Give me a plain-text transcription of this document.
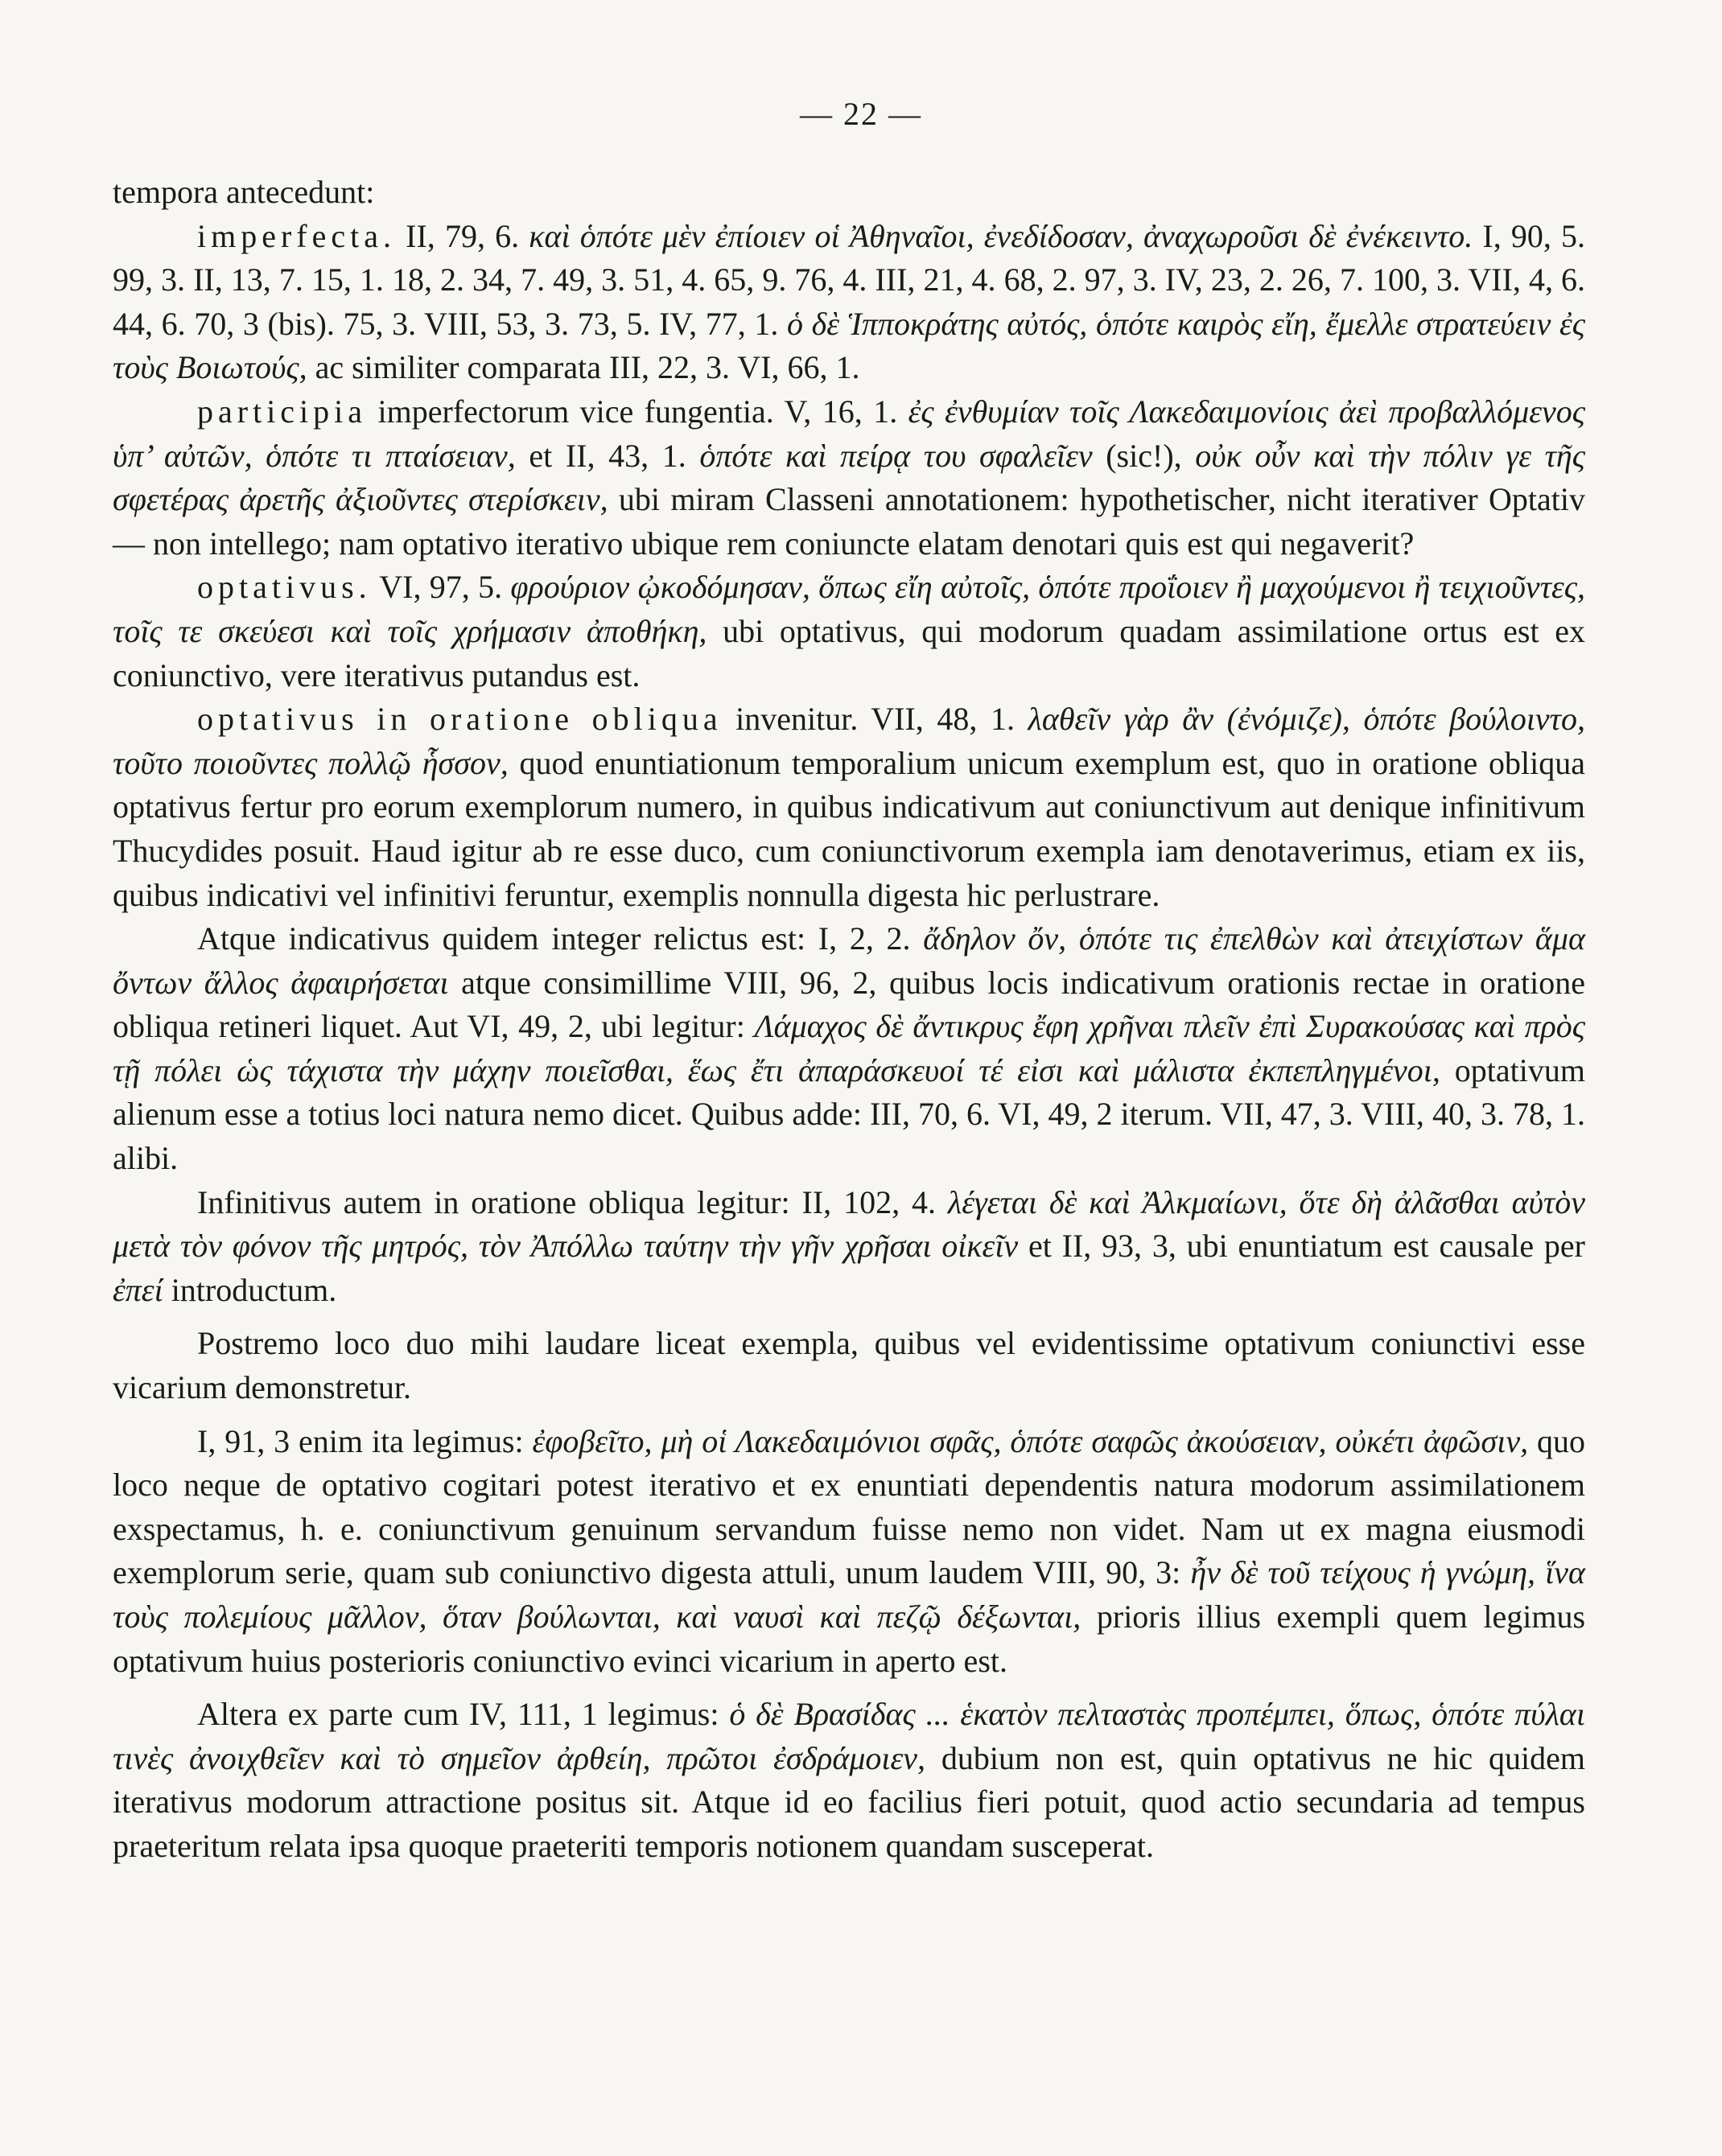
— 22 —

tempora antecedunt:

imperfecta. II, 79, 6. καὶ ὁπότε μὲν ἐπίοιεν οἱ Ἀθηναῖοι, ἐνεδίδοσαν, ἀναχωροῦσι δὲ ἐνέκειντο. I, 90, 5. 99, 3. II, 13, 7. 15, 1. 18, 2. 34, 7. 49, 3. 51, 4. 65, 9. 76, 4. III, 21, 4. 68, 2. 97, 3. IV, 23, 2. 26, 7. 100, 3. VII, 4, 6. 44, 6. 70, 3 (bis). 75, 3. VIII, 53, 3. 73, 5. IV, 77, 1. ὁ δὲ Ἱπποκράτης αὐτός, ὁπότε καιρὸς εἴη, ἔμελλε στρατεύειν ἐς τοὺς Βοιωτούς, ac similiter comparata III, 22, 3. VI, 66, 1.

participia imperfectorum vice fungentia. V, 16, 1. ἐς ἐνθυμίαν τοῖς Λακεδαιμονίοις ἀεὶ προβαλλόμενος ὑπ’ αὐτῶν, ὁπότε τι πταίσειαν, et II, 43, 1. ὁπότε καὶ πείρᾳ του σφαλεῖεν (sic!), οὐκ οὖν καὶ τὴν πόλιν γε τῆς σφετέρας ἀρετῆς ἀξιοῦντες στερίσκειν, ubi miram Classeni annotationem: hypothetischer, nicht iterativer Optativ — non intellego; nam optativo iterativo ubique rem coniuncte elatam denotari quis est qui negaverit?

optativus. VI, 97, 5. φρούριον ᾠκοδόμησαν, ὅπως εἴη αὐτοῖς, ὁπότε προΐοιεν ἢ μαχούμενοι ἢ τειχιοῦντες, τοῖς τε σκεύεσι καὶ τοῖς χρήμασιν ἀποθήκη, ubi optativus, qui modorum quadam assimilatione ortus est ex coniunctivo, vere iterativus putandus est.

optativus in oratione obliqua invenitur. VII, 48, 1. λαθεῖν γὰρ ἂν (ἐνόμιζε), ὁπότε βούλοιντο, τοῦτο ποιοῦντες πολλῷ ἧσσον, quod enuntiationum temporalium unicum exemplum est, quo in oratione obliqua optativus fertur pro eorum exemplorum numero, in quibus indicativum aut coniunctivum aut denique infinitivum Thucydides posuit. Haud igitur ab re esse duco, cum coniunctivorum exempla iam denotaverimus, etiam ex iis, quibus indicativi vel infinitivi feruntur, exemplis nonnulla digesta hic perlustrare.

Atque indicativus quidem integer relictus est: I, 2, 2. ἄδηλον ὄν, ὁπότε τις ἐπελθὼν καὶ ἀτειχίστων ἅμα ὄντων ἄλλος ἀφαιρήσεται atque consimillime VIII, 96, 2, quibus locis indicativum orationis rectae in oratione obliqua retineri liquet. Aut VI, 49, 2, ubi legitur: Λάμαχος δὲ ἄντικρυς ἔφη χρῆναι πλεῖν ἐπὶ Συρακούσας καὶ πρὸς τῇ πόλει ὡς τάχιστα τὴν μάχην ποιεῖσθαι, ἕως ἔτι ἀπαράσκευοί τέ εἰσι καὶ μάλιστα ἐκπεπληγμένοι, optativum alienum esse a totius loci natura nemo dicet. Quibus adde: III, 70, 6. VI, 49, 2 iterum. VII, 47, 3. VIII, 40, 3. 78, 1. alibi.

Infinitivus autem in oratione obliqua legitur: II, 102, 4. λέγεται δὲ καὶ Ἀλκμαίωνι, ὅτε δὴ ἀλᾶσθαι αὐτὸν μετὰ τὸν φόνον τῆς μητρός, τὸν Ἀπόλλω ταύτην τὴν γῆν χρῆσαι οἰκεῖν et II, 93, 3, ubi enuntiatum est causale per ἐπεί introductum.

Postremo loco duo mihi laudare liceat exempla, quibus vel evidentissime optativum coniunctivi esse vicarium demonstretur.

I, 91, 3 enim ita legimus: ἐφοβεῖτο, μὴ οἱ Λακεδαιμόνιοι σφᾶς, ὁπότε σαφῶς ἀκούσειαν, οὐκέτι ἀφῶσιν, quo loco neque de optativo cogitari potest iterativo et ex enuntiati dependentis natura modorum assimilationem exspectamus, h. e. coniunctivum genuinum servandum fuisse nemo non videt. Nam ut ex magna eiusmodi exemplorum serie, quam sub coniunctivo digesta attuli, unum laudem VIII, 90, 3: ἦν δὲ τοῦ τείχους ἡ γνώμη, ἵνα τοὺς πολεμίους μᾶλλον, ὅταν βούλωνται, καὶ ναυσὶ καὶ πεζῷ δέξωνται, prioris illius exempli quem legimus optativum huius posterioris coniunctivo evinci vicarium in aperto est.

Altera ex parte cum IV, 111, 1 legimus: ὁ δὲ Βρασίδας ... ἑκατὸν πελταστὰς προπέμπει, ὅπως, ὁπότε πύλαι τινὲς ἀνοιχθεῖεν καὶ τὸ σημεῖον ἀρθείη, πρῶτοι ἐσδράμοιεν, dubium non est, quin optativus ne hic quidem iterativus modorum attractione positus sit. Atque id eo facilius fieri potuit, quod actio secundaria ad tempus praeteritum relata ipsa quoque praeteriti temporis notionem quandam susceperat.
